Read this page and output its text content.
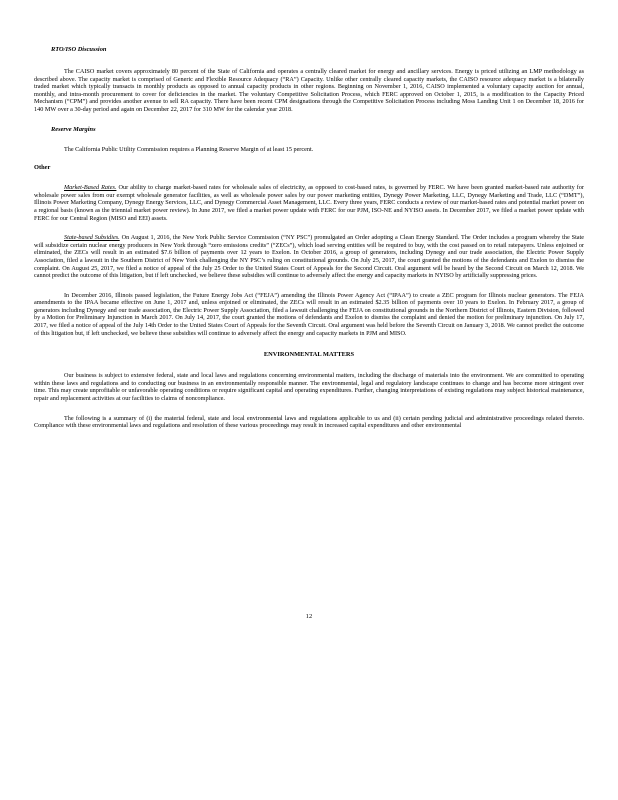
RTO/ISO Discussion

The CAISO market covers approximately 80 percent of the State of California and operates a centrally cleared market for energy and ancillary services. Energy is priced utilizing an LMP methodology as described above. The capacity market is comprised of Generic and Flexible Resource Adequacy (“RA”) Capacity. Unlike other centrally cleared capacity markets, the CAISO resource adequacy market is a bilaterally traded market which typically transacts in monthly products as opposed to annual capacity products in other regions. Beginning on November 1, 2016, CAISO implemented a voluntary capacity auction for annual, monthly, and intra-month procurement to cover for deficiencies in the market. The voluntary Competitive Solicitation Process, which FERC approved on October 1, 2015, is a modification to the Capacity Priced Mechanism (“CPM”) and provides another avenue to sell RA capacity. There have been recent CPM designations through the Competitive Solicitation Process including Moss Landing Unit 1 on December 18, 2016 for 140 MW over a 30-day period and again on December 22, 2017 for 310 MW for the calendar year 2018.

Reserve Margins

The California Public Utility Commission requires a Planning Reserve Margin of at least 15 percent.

Other

Market-Based Rates. Our ability to charge market-based rates for wholesale sales of electricity, as opposed to cost-based rates, is governed by FERC. We have been granted market-based rate authority for wholesale power sales from our exempt wholesale generator facilities, as well as wholesale power sales by our power marketing entities, Dynegy Power Marketing, LLC, Dynegy Marketing and Trade, LLC (“DMT”), Illinois Power Marketing Company, Dynegy Energy Services, LLC, and Dynegy Commercial Asset Management, LLC. Every three years, FERC conducts a review of our market-based rates and potential market power on a regional basis (known as the triennial market power review). In June 2017, we filed a market power update with FERC for our PJM, ISO-NE and NYISO assets. In December 2017, we filed a market power update with FERC for our Central Region (MISO and EEI) assets.

State-based Subsidies. On August 1, 2016, the New York Public Service Commission (“NY PSC”) promulgated an Order adopting a Clean Energy Standard. The Order includes a program whereby the State will subsidize certain nuclear energy producers in New York through “zero emissions credits” (“ZECs”), which load serving entities will be required to buy, with the cost passed on to retail ratepayers. Unless enjoined or eliminated, the ZECs will result in an estimated $7.6 billion of payments over 12 years to Exelon. In October 2016, a group of generators, including Dynegy and our trade association, the Electric Power Supply Association, filed a lawsuit in the Southern District of New York challenging the NY PSC’s ruling on constitutional grounds. On July 25, 2017, the court granted the motions of the defendants and Exelon to dismiss the complaint. On August 25, 2017, we filed a notice of appeal of the July 25 Order to the United States Court of Appeals for the Second Circuit. Oral argument will be heard by the Second Circuit on March 12, 2018. We cannot predict the outcome of this litigation, but if left unchecked, we believe these subsidies will continue to adversely affect the energy and capacity markets in NYISO by artificially suppressing prices.

In December 2016, Illinois passed legislation, the Future Energy Jobs Act (“FEJA”) amending the Illinois Power Agency Act (“IPAA”) to create a ZEC program for Illinois nuclear generators. The FEJA amendments to the IPAA became effective on June 1, 2017 and, unless enjoined or eliminated, the ZECs will result in an estimated $2.35 billion of payments over 10 years to Exelon. In February 2017, a group of generators including Dynegy and our trade association, the Electric Power Supply Association, filed a lawsuit challenging the FEJA on constitutional grounds in the Northern District of Illinois, Eastern Division, followed by a Motion for Preliminary Injunction in March 2017. On July 14, 2017, the court granted the motions of defendants and Exelon to dismiss the complaint and denied the motion for preliminary injunction. On July 17, 2017, we filed a notice of appeal of the July 14th Order to the United States Court of Appeals for the Seventh Circuit. Oral argument was held before the Seventh Circuit on January 3, 2018. We cannot predict the outcome of this litigation but, if left unchecked, we believe these subsidies will continue to adversely affect the energy and capacity markets in PJM and MISO.

ENVIRONMENTAL MATTERS

Our business is subject to extensive federal, state and local laws and regulations concerning environmental matters, including the discharge of materials into the environment. We are committed to operating within these laws and regulations and to conducting our business in an environmentally responsible manner. The environmental, legal and regulatory landscape continues to change and has become more stringent over time. This may create unprofitable or unfavorable operating conditions or require significant capital and operating expenditures. Further, changing interpretations of existing regulations may subject historical maintenance, repair and replacement activities at our facilities to claims of noncompliance.

The following is a summary of (i) the material federal, state and local environmental laws and regulations applicable to us and (ii) certain pending judicial and administrative proceedings related thereto. Compliance with these environmental laws and regulations and resolution of these various proceedings may result in increased capital expenditures and other environmental

12
